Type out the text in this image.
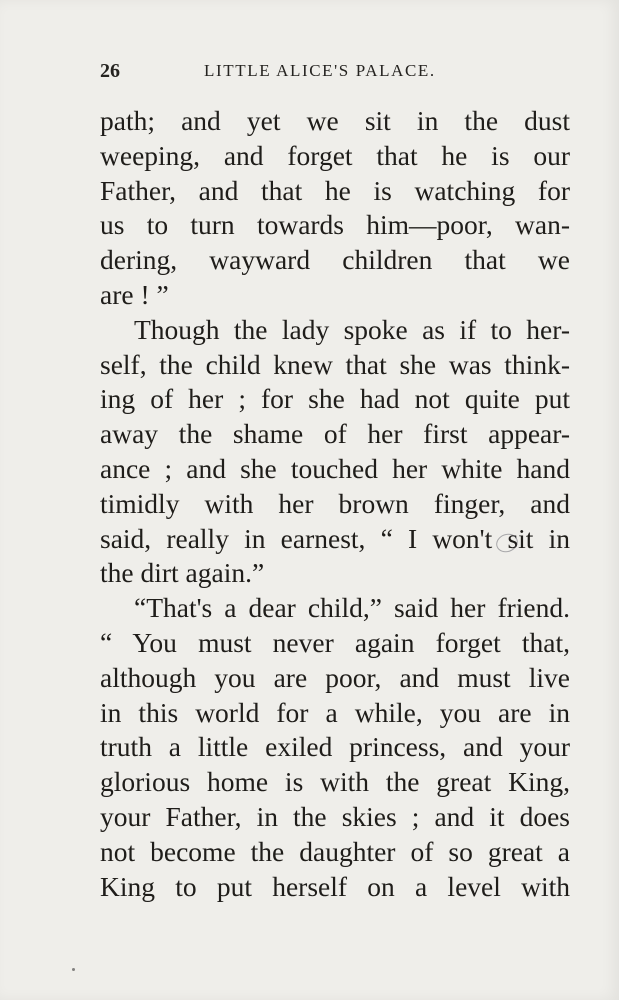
26	LITTLE ALICE'S PALACE.
path; and yet we sit in the dust
weeping, and forget that he is our
Father, and that he is watching for
us to turn towards him—poor, wan-
dering, wayward children that we
are ! ”
Though the lady spoke as if to her-
self, the child knew that she was think-
ing of her ; for she had not quite put
away the shame of her first appear-
ance ; and she touched her white hand
timidly with her brown finger, and
said, really in earnest, “ I won't sit in
the dirt again.”
“That's a dear child,” said her friend.
“ You must never again forget that,
although you are poor, and must live
in this world for a while, you are in
truth a little exiled princess, and your
glorious home is with the great King,
your Father, in the skies ; and it does
not become the daughter of so great a
King to put herself on a level with
